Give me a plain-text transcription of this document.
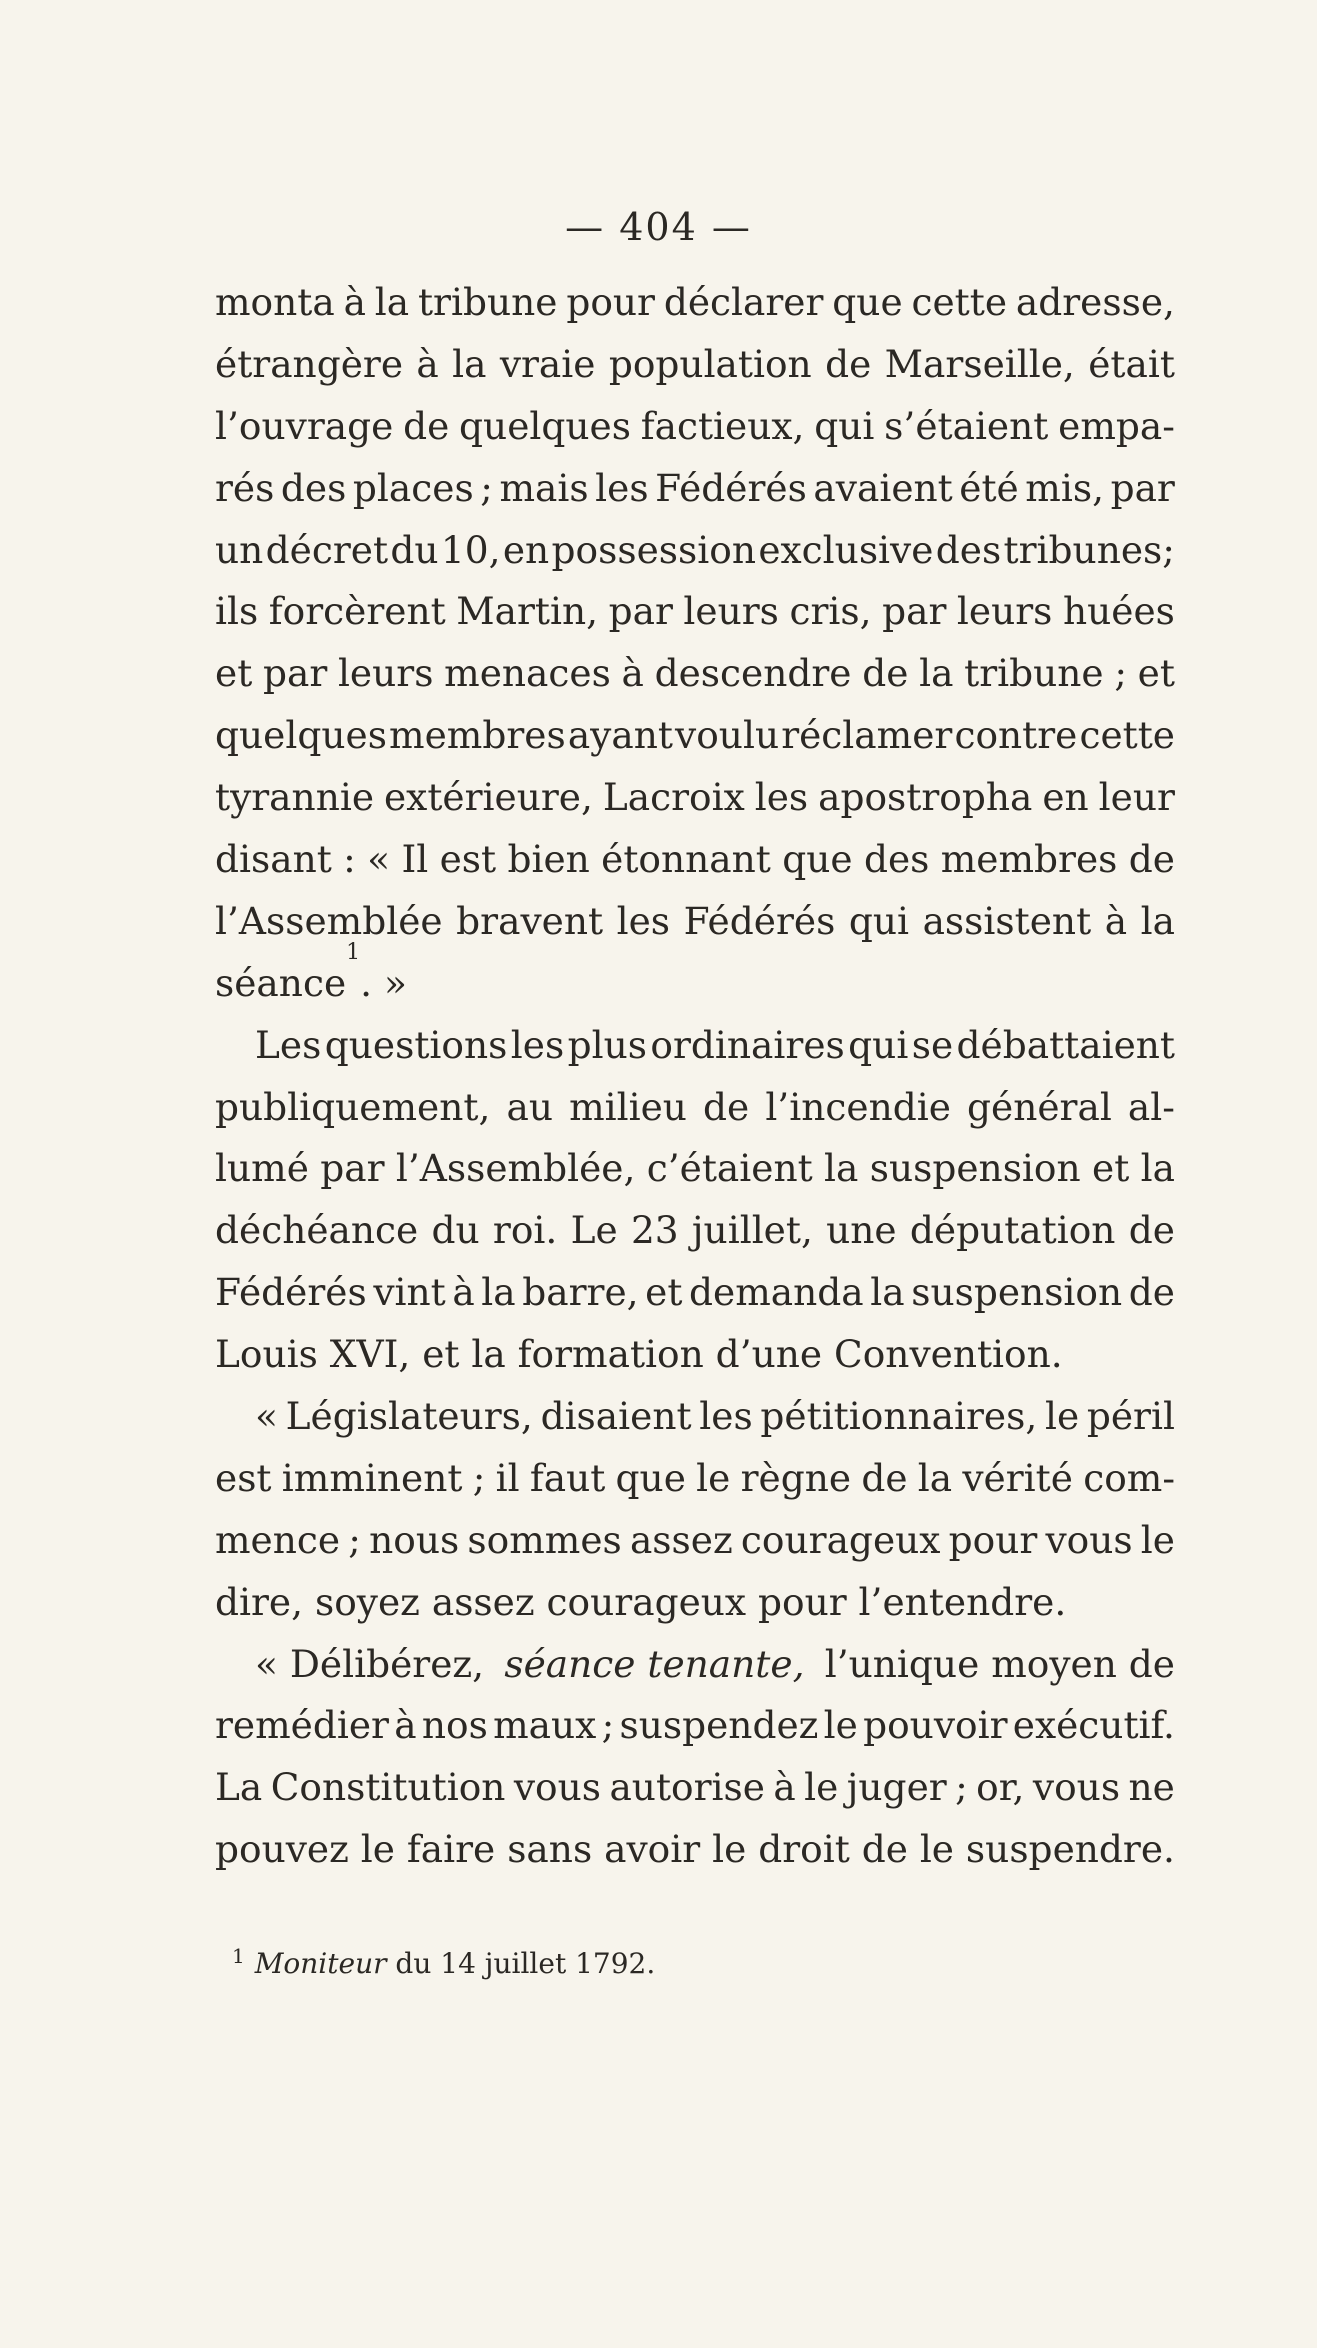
— 404 —
monta à la tribune pour déclarer que cette adresse,
étrangère à la vraie population de Marseille, était
l’ouvrage de quelques factieux, qui s’étaient empa-
rés des places ; mais les Fédérés avaient été mis, par
un décret du 10, en possession exclusive des tribunes;
ils forcèrent Martin, par leurs cris, par leurs huées
et par leurs menaces à descendre de la tribune ; et
quelques membres ayant voulu réclamer contre cette
tyrannie extérieure, Lacroix les apostropha en leur
disant : « Il est bien étonnant que des membres de
l’Assemblée bravent les Fédérés qui assistent à la
séance
1
. »
Les questions les plus ordinaires qui se débattaient
publiquement, au milieu de l’incendie général al-
lumé par l’Assemblée, c’étaient la suspension et la
déchéance du roi. Le 23 juillet, une députation de
Fédérés vint à la barre, et demanda la suspension de
Louis XVI, et la formation d’une Convention.
« Législateurs, disaient les pétitionnaires, le péril
est imminent ; il faut que le règne de la vérité com-
mence ; nous sommes assez courageux pour vous le
dire, soyez assez courageux pour l’entendre.
« Délibérez, séance tenante, l’unique moyen de
remédier à nos maux ; suspendez le pouvoir exécutif.
La Constitution vous autorise à le juger ; or, vous ne
pouvez le faire sans avoir le droit de le suspendre.
$^1$ Moniteur du 14 juillet 1792.
